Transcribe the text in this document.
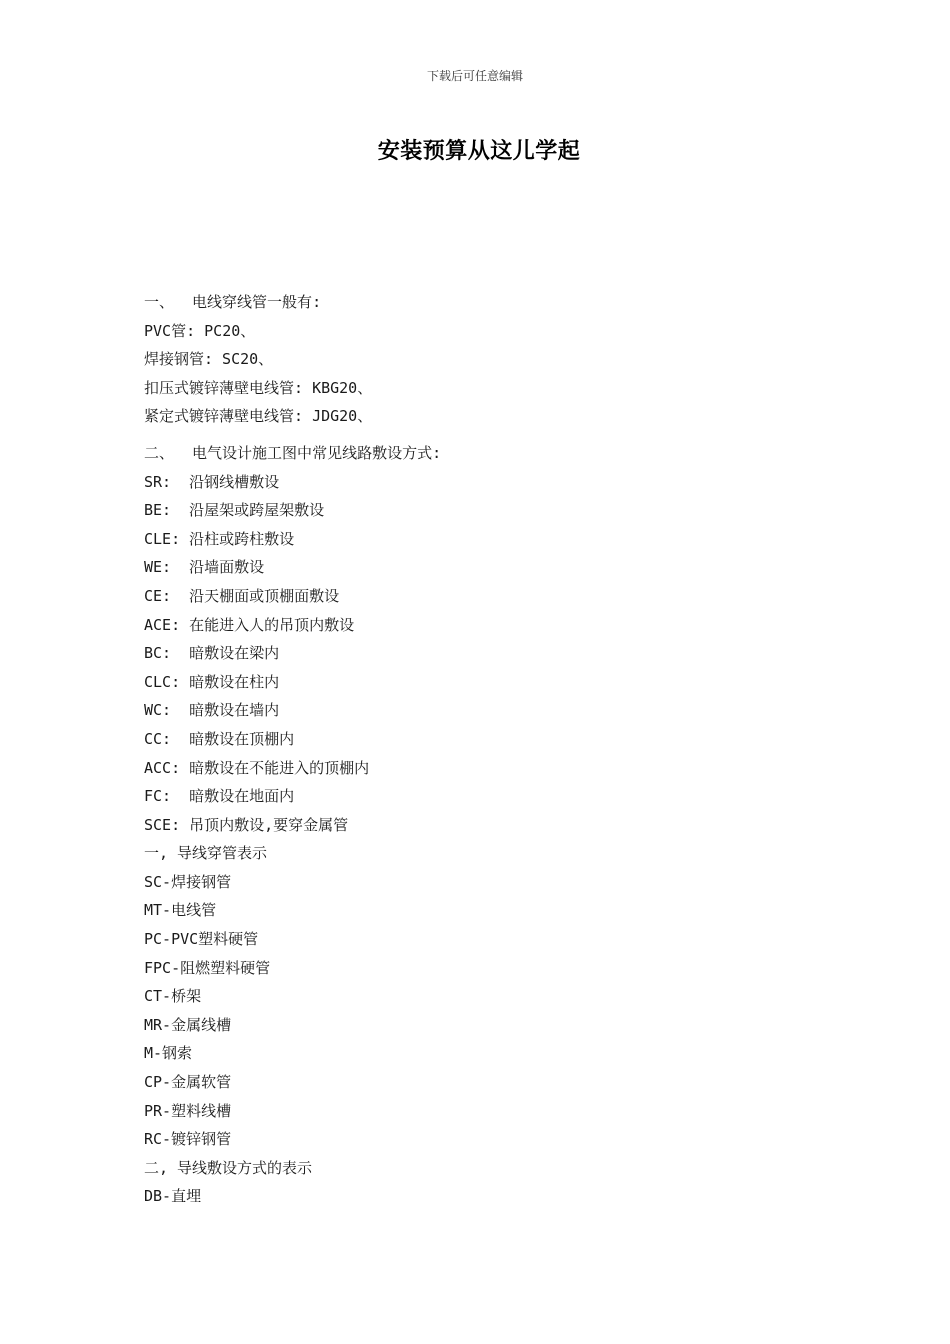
下载后可任意编辑
安装预算从这儿学起
一、  电线穿线管一般有:
PVC管: PC20、
焊接钢管: SC20、
扣压式镀锌薄壁电线管: KBG20、
紧定式镀锌薄壁电线管: JDG20、
二、  电气设计施工图中常见线路敷设方式:
SR:  沿钢线槽敷设
BE:  沿屋架或跨屋架敷设
CLE: 沿柱或跨柱敷设
WE:  沿墙面敷设
CE:  沿天棚面或顶棚面敷设
ACE: 在能进入人的吊顶内敷设
BC:  暗敷设在梁内
CLC: 暗敷设在柱内
WC:  暗敷设在墙内
CC:  暗敷设在顶棚内
ACC: 暗敷设在不能进入的顶棚内
FC:  暗敷设在地面内
SCE: 吊顶内敷设,要穿金属管
一, 导线穿管表示
SC-焊接钢管
MT-电线管
PC-PVC塑料硬管
FPC-阻燃塑料硬管
CT-桥架
MR-金属线槽
M-钢索
CP-金属软管
PR-塑料线槽
RC-镀锌钢管
二, 导线敷设方式的表示
DB-直埋
